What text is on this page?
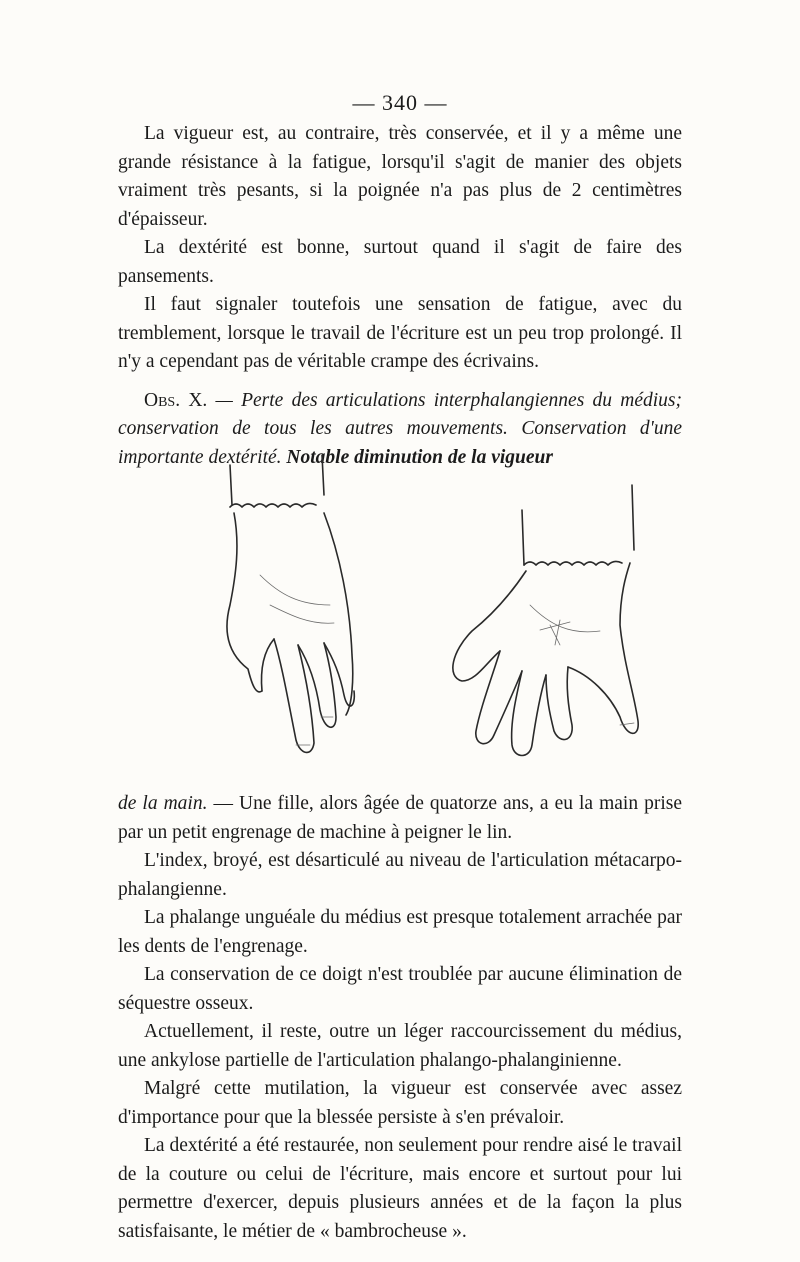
— 340 —

La vigueur est, au contraire, très conservée, et il y a même une grande résistance à la fatigue, lorsqu'il s'agit de manier des objets vraiment très pesants, si la poignée n'a pas plus de 2 centimètres d'épaisseur.

La dextérité est bonne, surtout quand il s'agit de faire des pansements.

Il faut signaler toutefois une sensation de fatigue, avec du tremblement, lorsque le travail de l'écriture est un peu trop prolongé. Il n'y a cependant pas de véritable crampe des écrivains.

Obs. X. — Perte des articulations interphalangiennes du médius; conservation de tous les autres mouvements. Conservation d'une importante dextérité. Notable diminution de la vigueur

de la main. — Une fille, alors âgée de quatorze ans, a eu la main prise par un petit engrenage de machine à peigner le lin.

L'index, broyé, est désarticulé au niveau de l'articulation métacarpo-phalangienne.

La phalange unguéale du médius est presque totalement arrachée par les dents de l'engrenage.

La conservation de ce doigt n'est troublée par aucune élimination de séquestre osseux.

Actuellement, il reste, outre un léger raccourcissement du médius, une ankylose partielle de l'articulation phalango-phalanginienne.

Malgré cette mutilation, la vigueur est conservée avec assez d'importance pour que la blessée persiste à s'en prévaloir.

La dextérité a été restaurée, non seulement pour rendre aisé le travail de la couture ou celui de l'écriture, mais encore et surtout pour lui permettre d'exercer, depuis plusieurs années et de la façon la plus satisfaisante, le métier de « bambrocheuse ».
